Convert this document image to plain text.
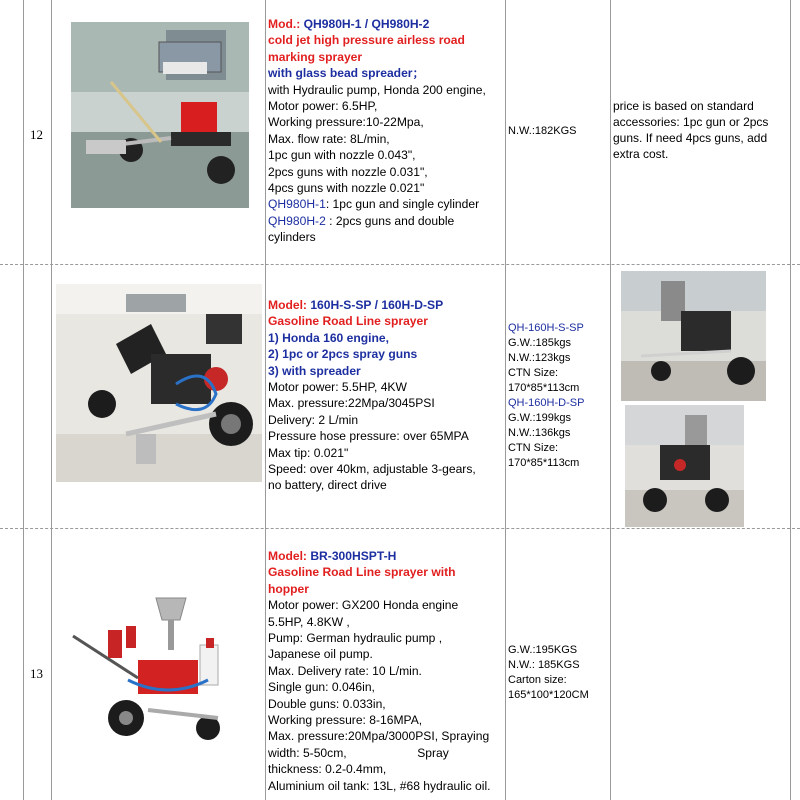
12
Mod.: QH980H-1 / QH980H-2
cold jet high pressure airless road
marking sprayer
with glass bead spreader；
with Hydraulic pump, Honda 200 engine,
Motor power: 6.5HP,
Working pressure:10-22Mpa,
Max. flow rate: 8L/min,
1pc gun with nozzle 0.043",
2pcs guns with nozzle 0.031",
4pcs guns with nozzle 0.021"
QH980H-1: 1pc gun and single cylinder
QH980H-2 : 2pcs guns and double
cylinders
N.W.:182KGS
price is based on standard
accessories: 1pc gun or 2pcs
guns. If need 4pcs guns, add
extra cost.
Model: 160H-S-SP / 160H-D-SP
Gasoline Road Line sprayer
1) Honda 160 engine,
2) 1pc or 2pcs spray guns
3) with spreader
Motor power: 5.5HP, 4KW
Max. pressure:22Mpa/3045PSI
Delivery: 2 L/min
Pressure hose pressure: over 65MPA
Max tip: 0.021"
Speed: over 40km, adjustable 3-gears,
no battery, direct drive
QH-160H-S-SP
G.W.:185kgs
N.W.:123kgs
CTN Size:
170*85*113cm
QH-160H-D-SP
G.W.:199kgs
N.W.:136kgs
CTN Size:
170*85*113cm
13
Model: BR-300HSPT-H
Gasoline Road Line sprayer with
hopper
Motor power: GX200 Honda engine
5.5HP, 4.8KW ,
Pump: German hydraulic pump ,
Japanese oil pump.
Max. Delivery rate: 10 L/min.
Single gun: 0.046in,
Double guns: 0.033in,
Working pressure: 8-16MPA,
Max. pressure:20Mpa/3000PSI, Spraying
width: 5-50cm,                     Spray
thickness: 0.2-0.4mm,
Aluminium oil tank: 13L, #68 hydraulic oil.
G.W.:195KGS
N.W.: 185KGS
Carton size:
165*100*120CM
